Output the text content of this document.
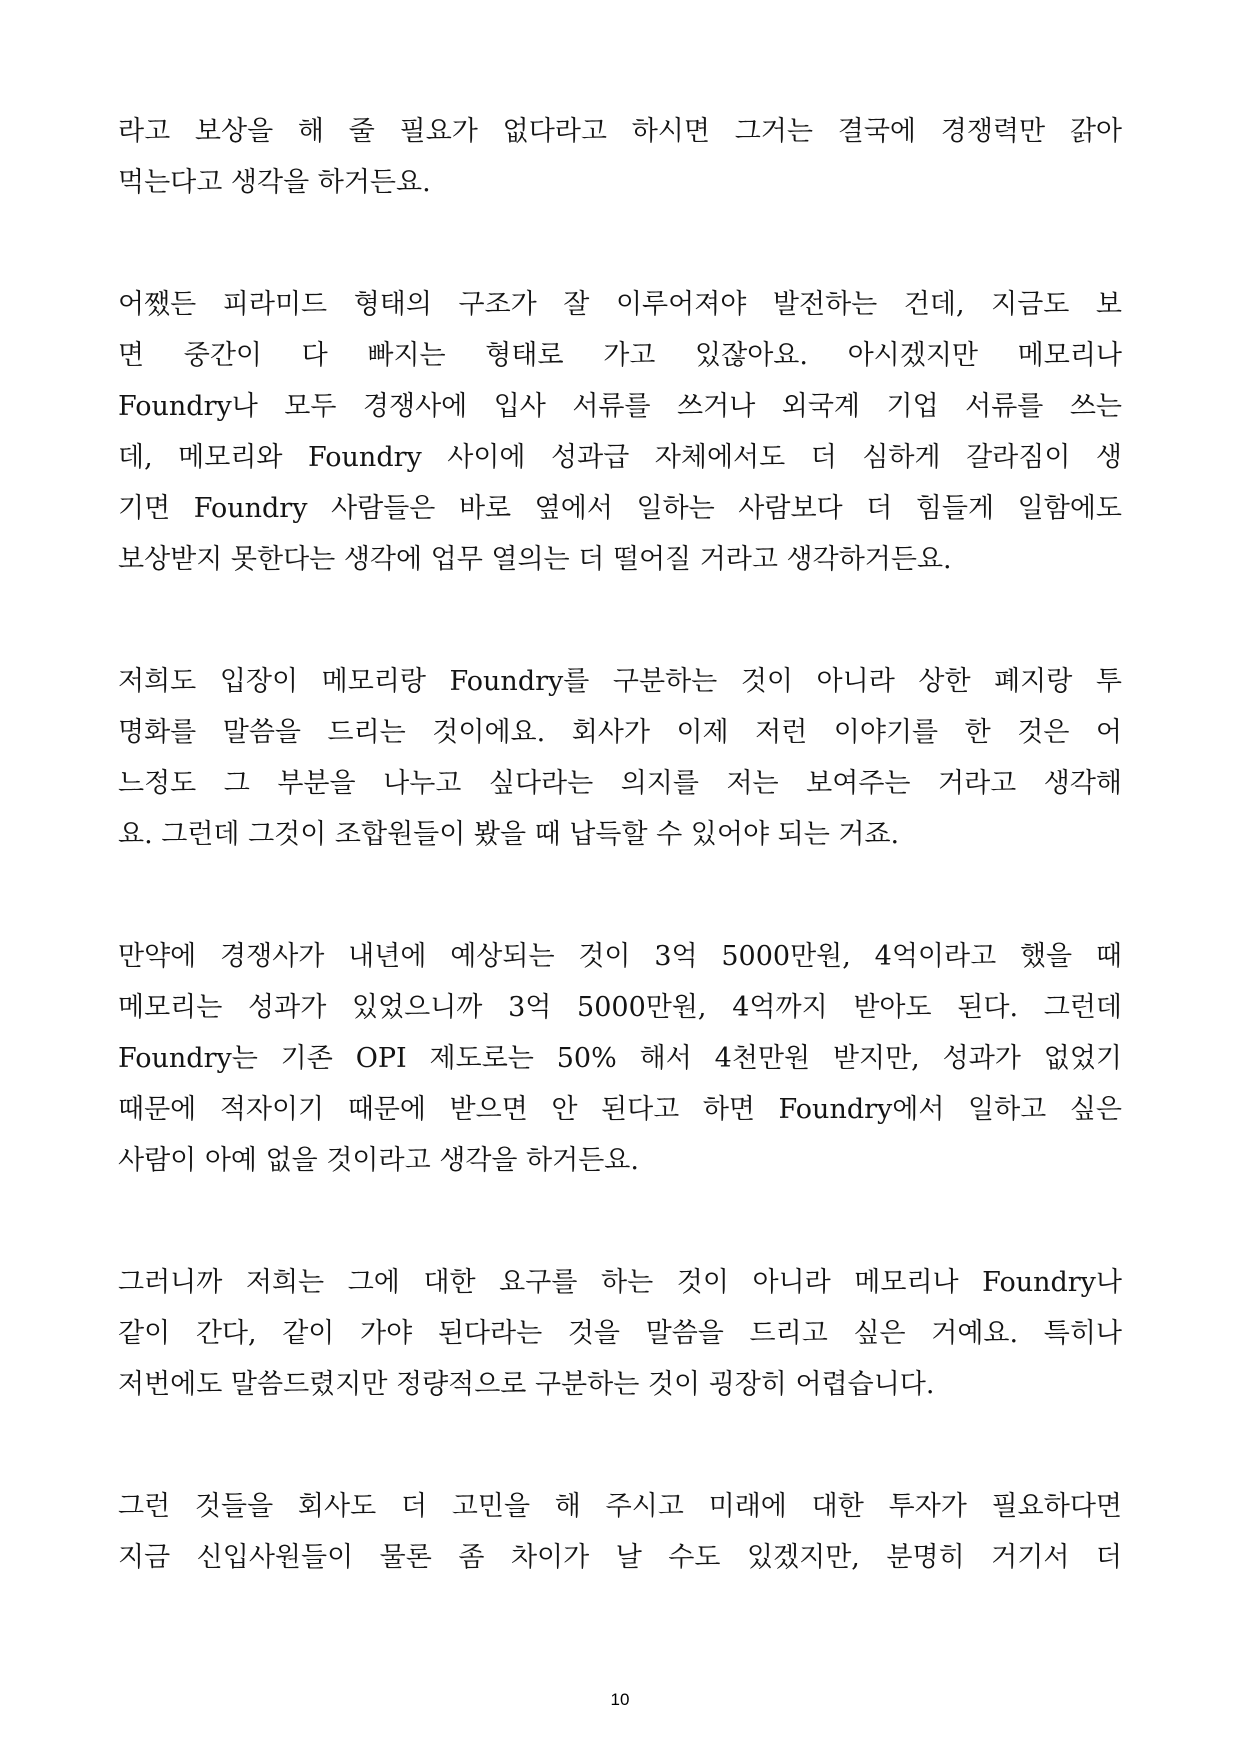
라고 보상을 해 줄 필요가 없다라고 하시면 그거는 결국에 경쟁력만 갉아
먹는다고 생각을 하거든요.

어쨌든 피라미드 형태의 구조가 잘 이루어져야 발전하는 건데, 지금도 보
면 중간이 다 빠지는 형태로 가고 있잖아요. 아시겠지만 메모리나
Foundry나 모두 경쟁사에 입사 서류를 쓰거나 외국계 기업 서류를 쓰는
데, 메모리와 Foundry 사이에 성과급 자체에서도 더 심하게 갈라짐이 생
기면 Foundry 사람들은 바로 옆에서 일하는 사람보다 더 힘들게 일함에도
보상받지 못한다는 생각에 업무 열의는 더 떨어질 거라고 생각하거든요.

저희도 입장이 메모리랑 Foundry를 구분하는 것이 아니라 상한 폐지랑 투
명화를 말씀을 드리는 것이에요. 회사가 이제 저런 이야기를 한 것은 어
느정도 그 부분을 나누고 싶다라는 의지를 저는 보여주는 거라고 생각해
요. 그런데 그것이 조합원들이 봤을 때 납득할 수 있어야 되는 거죠.

만약에 경쟁사가 내년에 예상되는 것이 3억 5000만원, 4억이라고 했을 때
메모리는 성과가 있었으니까 3억 5000만원, 4억까지 받아도 된다. 그런데
Foundry는 기존 OPI 제도로는 50% 해서 4천만원 받지만, 성과가 없었기
때문에 적자이기 때문에 받으면 안 된다고 하면 Foundry에서 일하고 싶은
사람이 아예 없을 것이라고 생각을 하거든요.

그러니까 저희는 그에 대한 요구를 하는 것이 아니라 메모리나 Foundry나
같이 간다, 같이 가야 된다라는 것을 말씀을 드리고 싶은 거예요. 특히나
저번에도 말씀드렸지만 정량적으로 구분하는 것이 굉장히 어렵습니다.

그런 것들을 회사도 더 고민을 해 주시고 미래에 대한 투자가 필요하다면
지금 신입사원들이 물론 좀 차이가 날 수도 있겠지만, 분명히 거기서 더

10
